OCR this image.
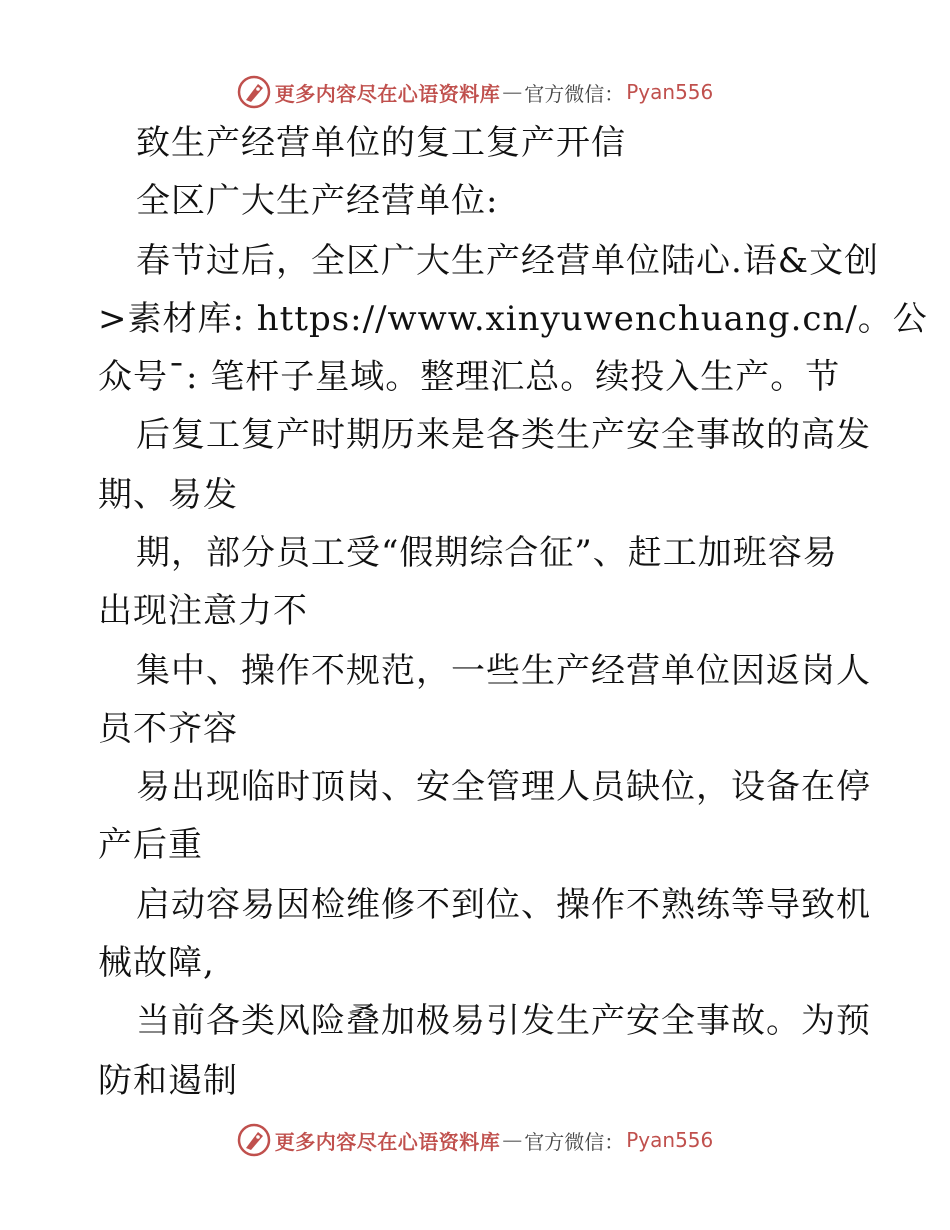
更多内容尽在心语资料库 — 官方微信： Pyan556
致生产经营单位的复工复产开信
全区广大生产经营单位:
春节过后，全区广大生产经营单位陆心.语&文创
>素材库: https://www.xinyuwenchuang.cn/。公
众号¯: 笔杆子星域。整理汇总。续投入生产。节
后复工复产时期历来是各类生产安全事故的高发
期、易发
期，部分员工受“假期综合征”、赶工加班容易
出现注意力不
集中、操作不规范，一些生产经营单位因返岗人
员不齐容
易出现临时顶岗、安全管理人员缺位，设备在停
产后重
启动容易因检维修不到位、操作不熟练等导致机
械故障,
当前各类风险叠加极易引发生产安全事故。为预
防和遏制
更多内容尽在心语资料库 — 官方微信： Pyan556
